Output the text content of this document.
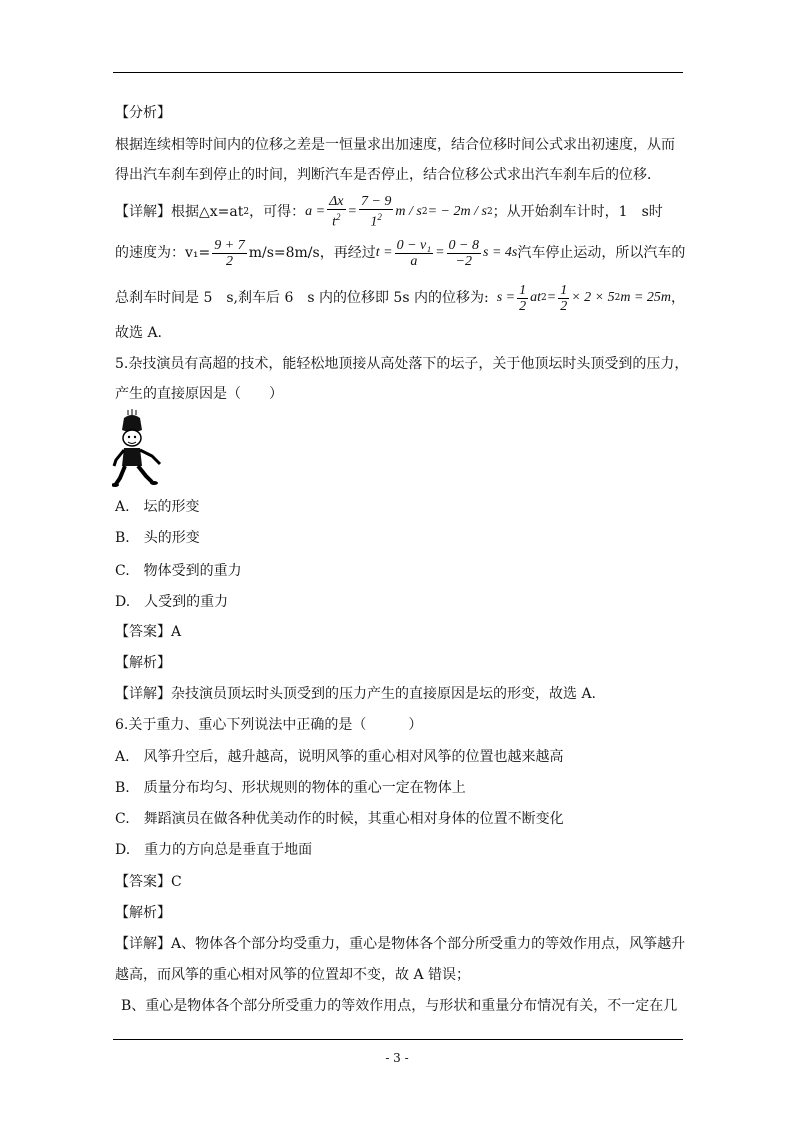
【分析】
根据连续相等时间内的位移之差是一恒量求出加速度，结合位移时间公式求出初速度，从而
得出汽车刹车到停止的时间，判断汽车是否停止，结合位移公式求出汽车刹车后的位移．
【详解】根据△x=at 2 ，可得： $a = \frac{\Delta x}{t^2} = \frac{7 - 9}{1^2}$ m / s 2 = − 2m / s 2 ；从开始刹车计时，1　s时
的速度为：$v_1= \frac{9 + 7}{2} m/s=8m/s$，再经过 $t = \frac{\text{0 − v₁}}{a} = \frac{0 - 8}{-2}$ s = 4s 汽车停止运动，所以汽车的
总刹车时间是 5　s,刹车后 6　s 内的位移即 5s 内的位移为: $s = \frac{1}{2}$ at $2 = \frac{1}{2} \times 2 \times 5$ 2 m = 25m ，
故选 A.
5.杂技演员有高超的技术，能轻松地顶接从高处落下的坛子，关于他顶坛时头顶受到的压力，
产生的直接原因是（　　）
A.　坛的形变
B.　头的形变
C.　物体受到的重力
D.　人受到的重力
【答案】A
【解析】
【详解】杂技演员顶坛时头顶受到的压力产生的直接原因是坛的形变，故选 A.
6.关于重力、重心下列说法中正确的是（　　　）
A.　风筝升空后，越升越高，说明风筝的重心相对风筝的位置也越来越高
B.　质量分布均匀、形状规则的物体的重心一定在物体上
C.　舞蹈演员在做各种优美动作的时候，其重心相对身体的位置不断变化
D.　重力的方向总是垂直于地面
【答案】C
【解析】
【详解】A、物体各个部分均受重力，重心是物体各个部分所受重力的等效作用点，风筝越升
越高，而风筝的重心相对风筝的位置却不变，故 A 错误；
B、重心是物体各个部分所受重力的等效作用点，与形状和重量分布情况有关，不一定在几
- 3 -
